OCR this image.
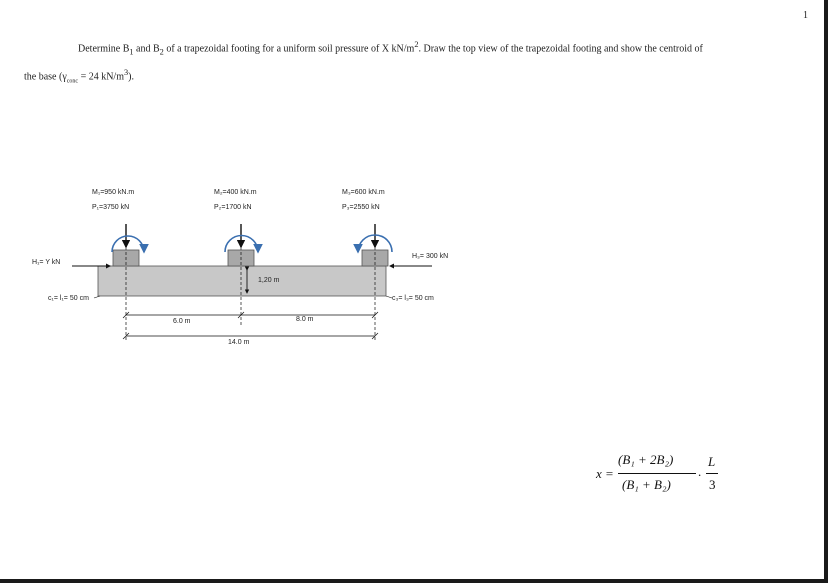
1
Determine $B_1$ and $B_2$ of a trapezoidal footing for a uniform soil pressure of X $kN/m^2$. Draw the top view of the trapezoidal footing and show the centroid of
the base ($\gamma_{conc} = 24$ $kN/m^3$).
M₁=950 kN.m
P₁=3750 kN
M₂=400 kN.m
P₂=1700 kN
M₃=600 kN.m
P₃=2550 kN
H₁= Y kN
H₃= 300 kN
c₁= l₁= 50 cm	c₃= l₃= 50 cm
1,20 m
6.0 m	8.0 m
14.0 m
x =
(B₁ + 2B₂)
(B₁ + B₂)
.
L
3
